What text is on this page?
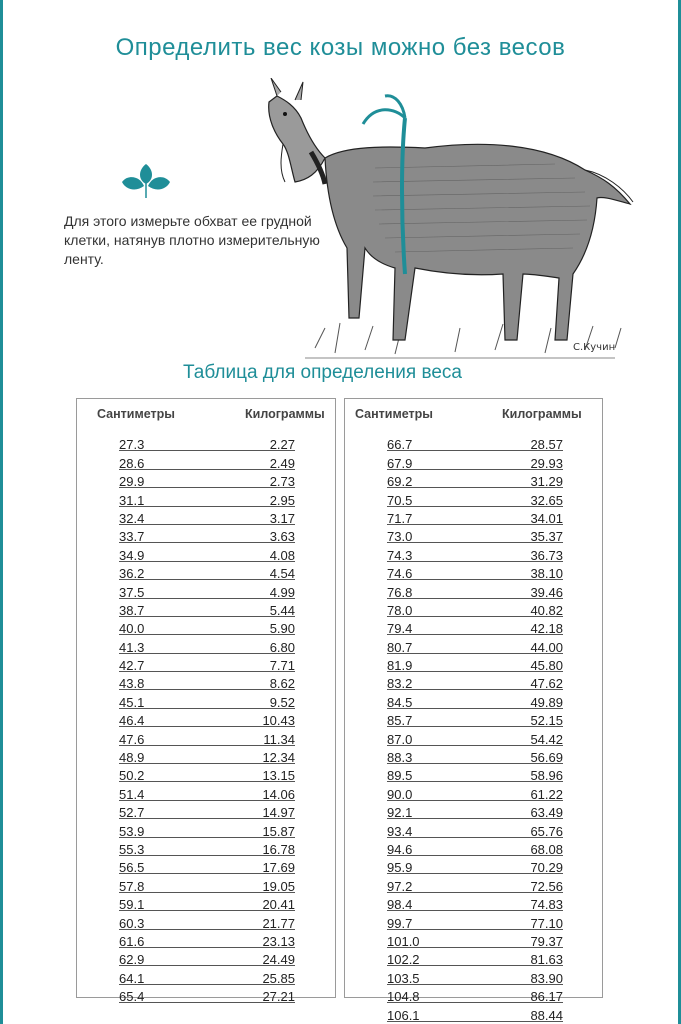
Определить вес козы можно без весов
Для этого измерьте обхват ее грудной клетки, натянув плотно измерительную ленту.
С.Кучин
Таблица для определения веса
Сантиметры	Килограммы
27.3	2.27
28.6	2.49
29.9	2.73
31.1	2.95
32.4	3.17
33.7	3.63
34.9	4.08
36.2	4.54
37.5	4.99
38.7	5.44
40.0	5.90
41.3	6.80
42.7	7.71
43.8	8.62
45.1	9.52
46.4	10.43
47.6	11.34
48.9	12.34
50.2	13.15
51.4	14.06
52.7	14.97
53.9	15.87
55.3	16.78
56.5	17.69
57.8	19.05
59.1	20.41
60.3	21.77
61.6	23.13
62.9	24.49
64.1	25.85
65.4	27.21
Сантиметры	Килограммы
66.7	28.57
67.9	29.93
69.2	31.29
70.5	32.65
71.7	34.01
73.0	35.37
74.3	36.73
74.6	38.10
76.8	39.46
78.0	40.82
79.4	42.18
80.7	44.00
81.9	45.80
83.2	47.62
84.5	49.89
85.7	52.15
87.0	54.42
88.3	56.69
89.5	58.96
90.0	61.22
92.1	63.49
93.4	65.76
94.6	68.08
95.9	70.29
97.2	72.56
98.4	74.83
99.7	77.10
101.0	79.37
102.2	81.63
103.5	83.90
104.8	86.17
106.1	88.44
